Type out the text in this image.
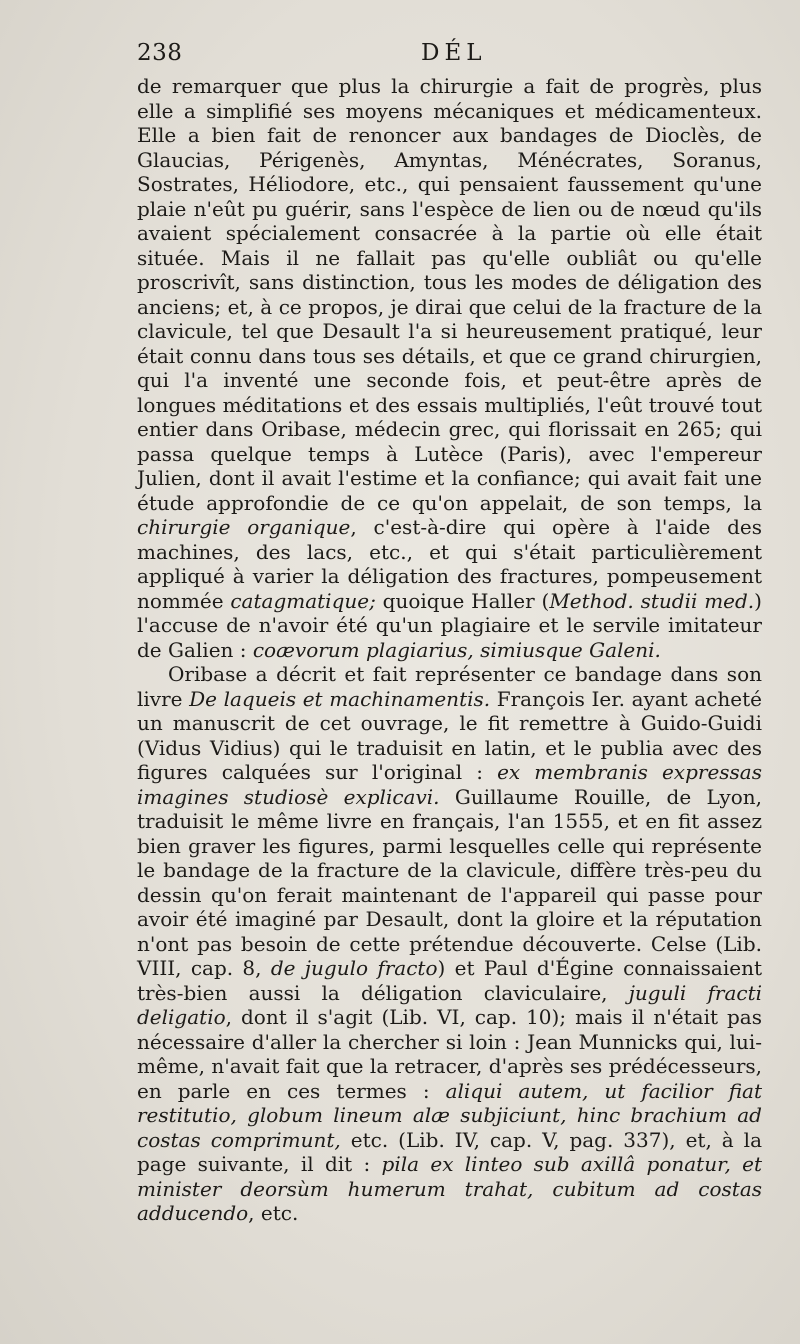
238	DÉL

de remarquer que plus la chirurgie a fait de progrès, plus elle a simplifié ses moyens mécaniques et médicamenteux. Elle a bien fait de renoncer aux bandages de Dioclès, de Glaucias, Périgenès, Amyntas, Ménécrates, Soranus, Sostrates, Héliodore, etc., qui pensaient faussement qu'une plaie n'eût pu guérir, sans l'espèce de lien ou de nœud qu'ils avaient spécialement consacrée à la partie où elle était située. Mais il ne fallait pas qu'elle oubliât ou qu'elle proscrivît, sans distinction, tous les modes de déligation des anciens; et, à ce propos, je dirai que celui de la fracture de la clavicule, tel que Desault l'a si heureusement pratiqué, leur était connu dans tous ses détails, et que ce grand chirurgien, qui l'a inventé une seconde fois, et peut-être après de longues méditations et des essais multipliés, l'eût trouvé tout entier dans Oribase, médecin grec, qui florissait en 265; qui passa quelque temps à Lutèce (Paris), avec l'empereur Julien, dont il avait l'estime et la confiance; qui avait fait une étude approfondie de ce qu'on appelait, de son temps, la chirurgie organique, c'est-à-dire qui opère à l'aide des machines, des lacs, etc., et qui s'était particulièrement appliqué à varier la déligation des fractures, pompeusement nommée catagmatique; quoique Haller (Method. studii med.) l'accuse de n'avoir été qu'un plagiaire et le servile imitateur de Galien : coævorum plagiarius, simiusque Galeni.

Oribase a décrit et fait représenter ce bandage dans son livre De laqueis et machinamentis. François Ier. ayant acheté un manuscrit de cet ouvrage, le fit remettre à Guido-Guidi (Vidus Vidius) qui le traduisit en latin, et le publia avec des figures calquées sur l'original : ex membranis expressas imagines studiosè explicavi. Guillaume Rouille, de Lyon, traduisit le même livre en français, l'an 1555, et en fit assez bien graver les figures, parmi lesquelles celle qui représente le bandage de la fracture de la clavicule, diffère très-peu du dessin qu'on ferait maintenant de l'appareil qui passe pour avoir été imaginé par Desault, dont la gloire et la réputation n'ont pas besoin de cette prétendue découverte. Celse (Lib. VIII, cap. 8, de jugulo fracto) et Paul d'Égine connaissaient très-bien aussi la déligation claviculaire, juguli fracti deligatio, dont il s'agit (Lib. VI, cap. 10); mais il n'était pas nécessaire d'aller la chercher si loin : Jean Munnicks qui, lui-même, n'avait fait que la retracer, d'après ses prédécesseurs, en parle en ces termes : aliqui autem, ut facilior fiat restitutio, globum lineum alæ subjiciunt, hinc brachium ad costas comprimunt, etc. (Lib. IV, cap. V, pag. 337), et, à la page suivante, il dit : pila ex linteo sub axillâ ponatur, et minister deorsùm humerum trahat, cubitum ad costas adducendo, etc.
